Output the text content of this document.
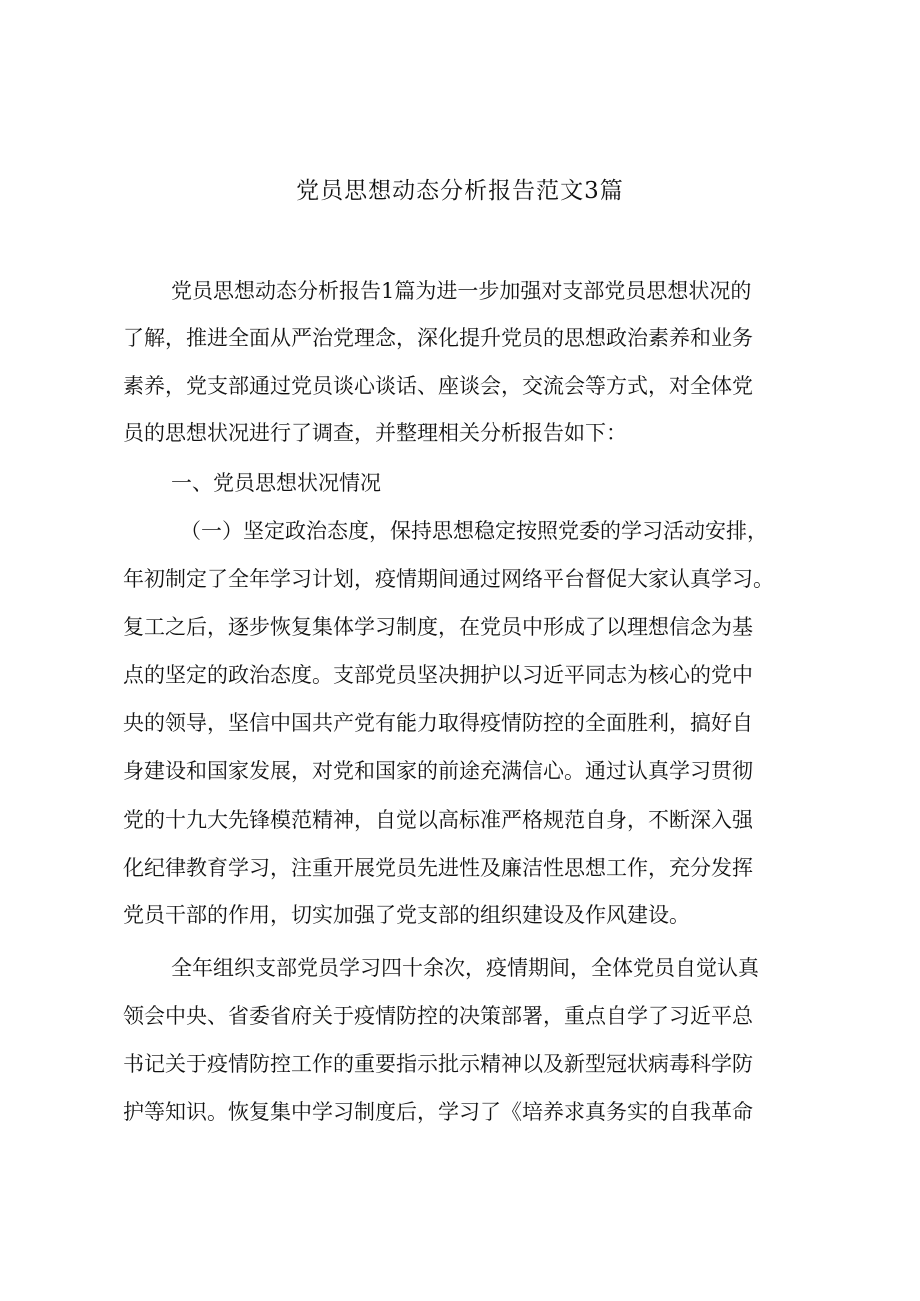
党员思想动态分析报告范文3篇
党员思想动态分析报告1篇为进一步加强对支部党员思想状况的
了解，推进全面从严治党理念，深化提升党员的思想政治素养和业务
素养，党支部通过党员谈心谈话、座谈会，交流会等方式，对全体党
员的思想状况进行了调查，并整理相关分析报告如下：
一、党员思想状况情况
（一）坚定政治态度，保持思想稳定按照党委的学习活动安排，
年初制定了全年学习计划，疫情期间通过网络平台督促大家认真学习。
复工之后，逐步恢复集体学习制度，在党员中形成了以理想信念为基
点的坚定的政治态度。支部党员坚决拥护以习近平同志为核心的党中
央的领导，坚信中国共产党有能力取得疫情防控的全面胜利，搞好自
身建设和国家发展，对党和国家的前途充满信心。通过认真学习贯彻
党的十九大先锋模范精神，自觉以高标准严格规范自身，不断深入强
化纪律教育学习，注重开展党员先进性及廉洁性思想工作，充分发挥
党员干部的作用，切实加强了党支部的组织建设及作风建设。
全年组织支部党员学习四十余次，疫情期间，全体党员自觉认真
领会中央、省委省府关于疫情防控的决策部署，重点自学了习近平总
书记关于疫情防控工作的重要指示批示精神以及新型冠状病毒科学防
护等知识。恢复集中学习制度后，学习了《培养求真务实的自我革命
